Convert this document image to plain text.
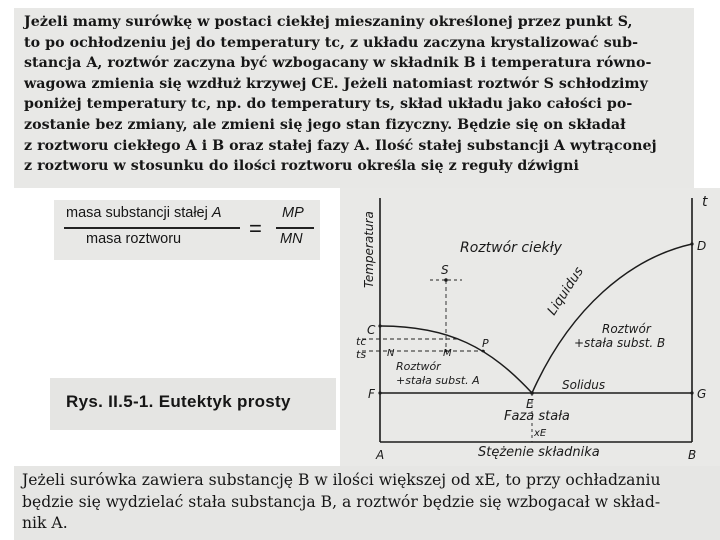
Jeżeli mamy surówkę w postaci ciekłej mieszaniny określonej przez punkt S,
to po ochłodzeniu jej do temperatury tc, z układu zaczyna krystalizować sub-
stancja A, roztwór zaczyna być wzbogacany w składnik B i temperatura równo-
wagowa zmienia się wzdłuż krzywej CE. Jeżeli natomiast roztwór S schłodzimy
poniżej temperatury tc, np. do temperatury ts, skład układu jako całości po-
zostanie bez zmiany, ale zmieni się jego stan fizyczny. Będzie się on składał
z roztworu ciekłego A i B oraz stałej fazy A. Ilość stałej substancji A wytrąconej
z roztworu w stosunku do ilości roztworu określa się z reguły dźwigni
masa substancji stałej A
masa roztworu	=
MP
MN
Rys. II.5-1. Eutektyk prosty
Roztwór ciekły
Liquidus
Roztwór
+stała subst. B
Solidus
Roztwór
+stała subst. A
Faza stała
Stężenie składnika
Temperatura
t
S
C
D
F	G
E
N	M
P
A	B
tc
ts
xE
Jeżeli surówka zawiera substancję B w ilości większej od xE, to przy ochładzaniu
będzie się wydzielać stała substancja B, a roztwór będzie się wzbogacał w skład-
nik A.
